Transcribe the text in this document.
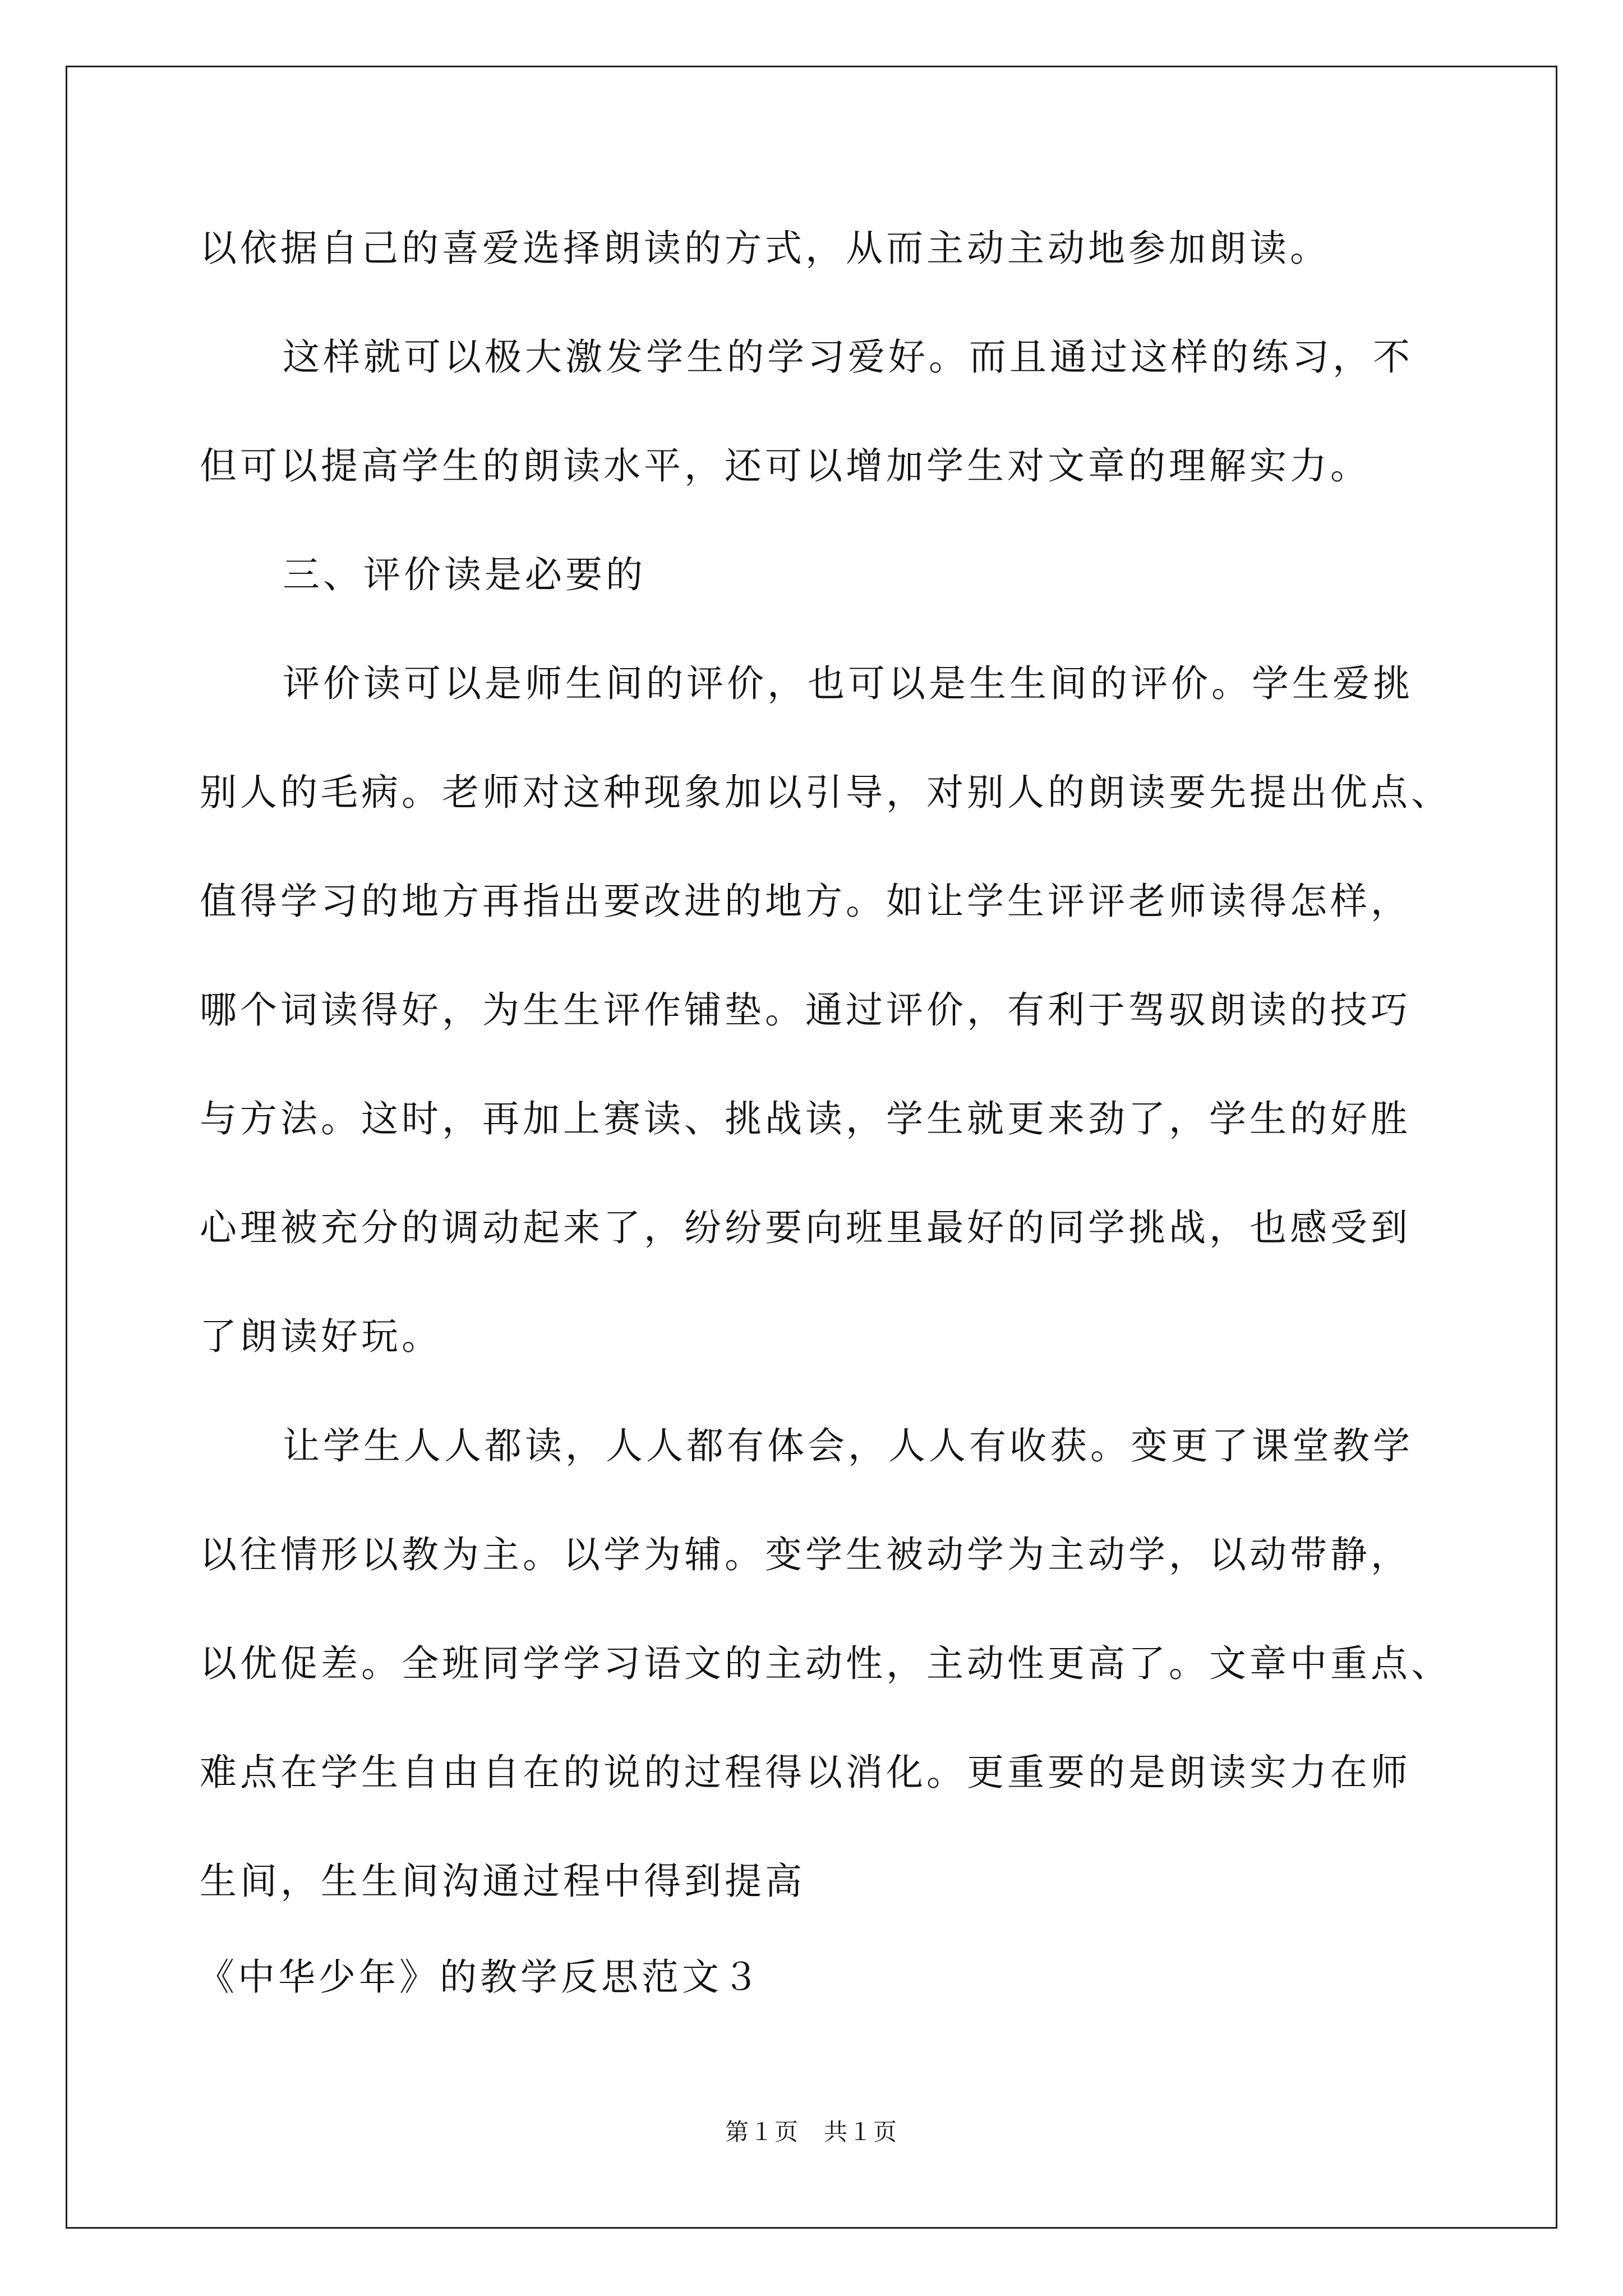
以依据自己的喜爱选择朗读的方式，从而主动主动地参加朗读。
这样就可以极大激发学生的学习爱好。而且通过这样的练习，不
但可以提高学生的朗读水平，还可以增加学生对文章的理解实力。
三、评价读是必要的
评价读可以是师生间的评价，也可以是生生间的评价。学生爱挑
别人的毛病。老师对这种现象加以引导，对别人的朗读要先提出优点、
值得学习的地方再指出要改进的地方。如让学生评评老师读得怎样，
哪个词读得好，为生生评作铺垫。通过评价，有利于驾驭朗读的技巧
与方法。这时，再加上赛读、挑战读，学生就更来劲了，学生的好胜
心理被充分的调动起来了，纷纷要向班里最好的同学挑战，也感受到
了朗读好玩。
让学生人人都读，人人都有体会，人人有收获。变更了课堂教学
以往情形以教为主。以学为辅。变学生被动学为主动学，以动带静，
以优促差。全班同学学习语文的主动性，主动性更高了。文章中重点、
难点在学生自由自在的说的过程得以消化。更重要的是朗读实力在师
生间，生生间沟通过程中得到提高
《中华少年》的教学反思范文３
第１页　共１页
